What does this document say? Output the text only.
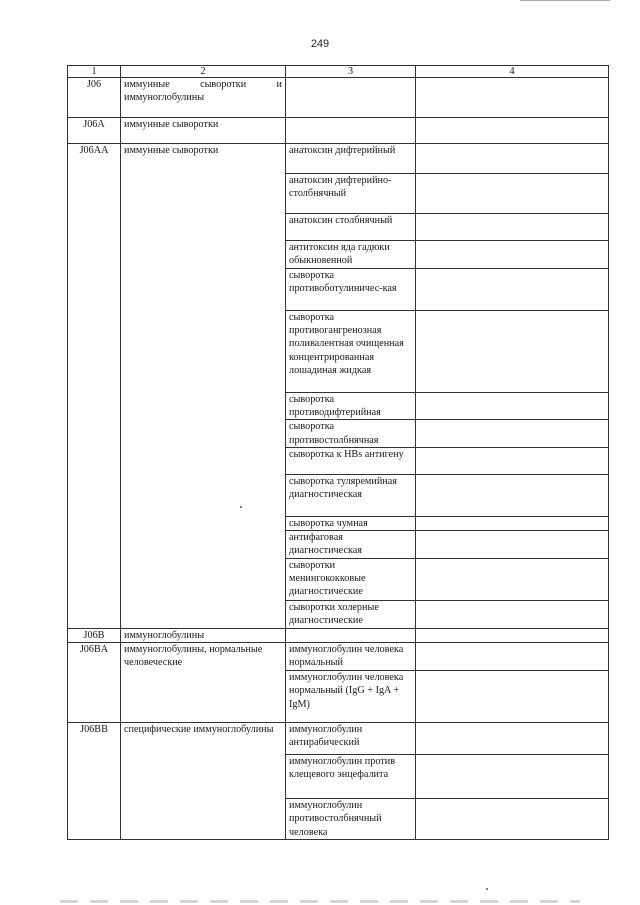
249
1	2	3	4
J06	иммунные сыворотки и иммуноглобулины		
J06A	иммунные сыворотки		
J06AA	иммунные сыворотки	анатоксин дифтерийный	
		анатоксин дифтерийно-столбнячный	
		анатоксин столбнячный	
		антитоксин яда гадюки обыкновенной	
		сыворотка противоботулиничес-кая	
		сыворотка противогангренозная поливалентная очищенная концентрированная лошадиная жидкая	
		сыворотка противодифтерийная	
		сыворотка противостолбнячная	
		сыворотка к HBs антигену	
		сыворотка туляремийная диагностическая	
		сыворотка чумная	
		антифаговая диагностическая	
		сыворотки менингококковые диагностические	
		сыворотки холерные диагностические	
J06B	иммуноглобулины		
J06BA	иммуноглобулины, нормальные человеческие	иммуноглобулин человека нормальный	
		иммуноглобулин человека нормальный (IgG + IgA + IgM)	
J06BB	специфические иммуноглобулины	иммуноглобулин антирабический	
		иммуноглобулин против клещевого энцефалита	
		иммуноглобулин противостолбнячный человека	
